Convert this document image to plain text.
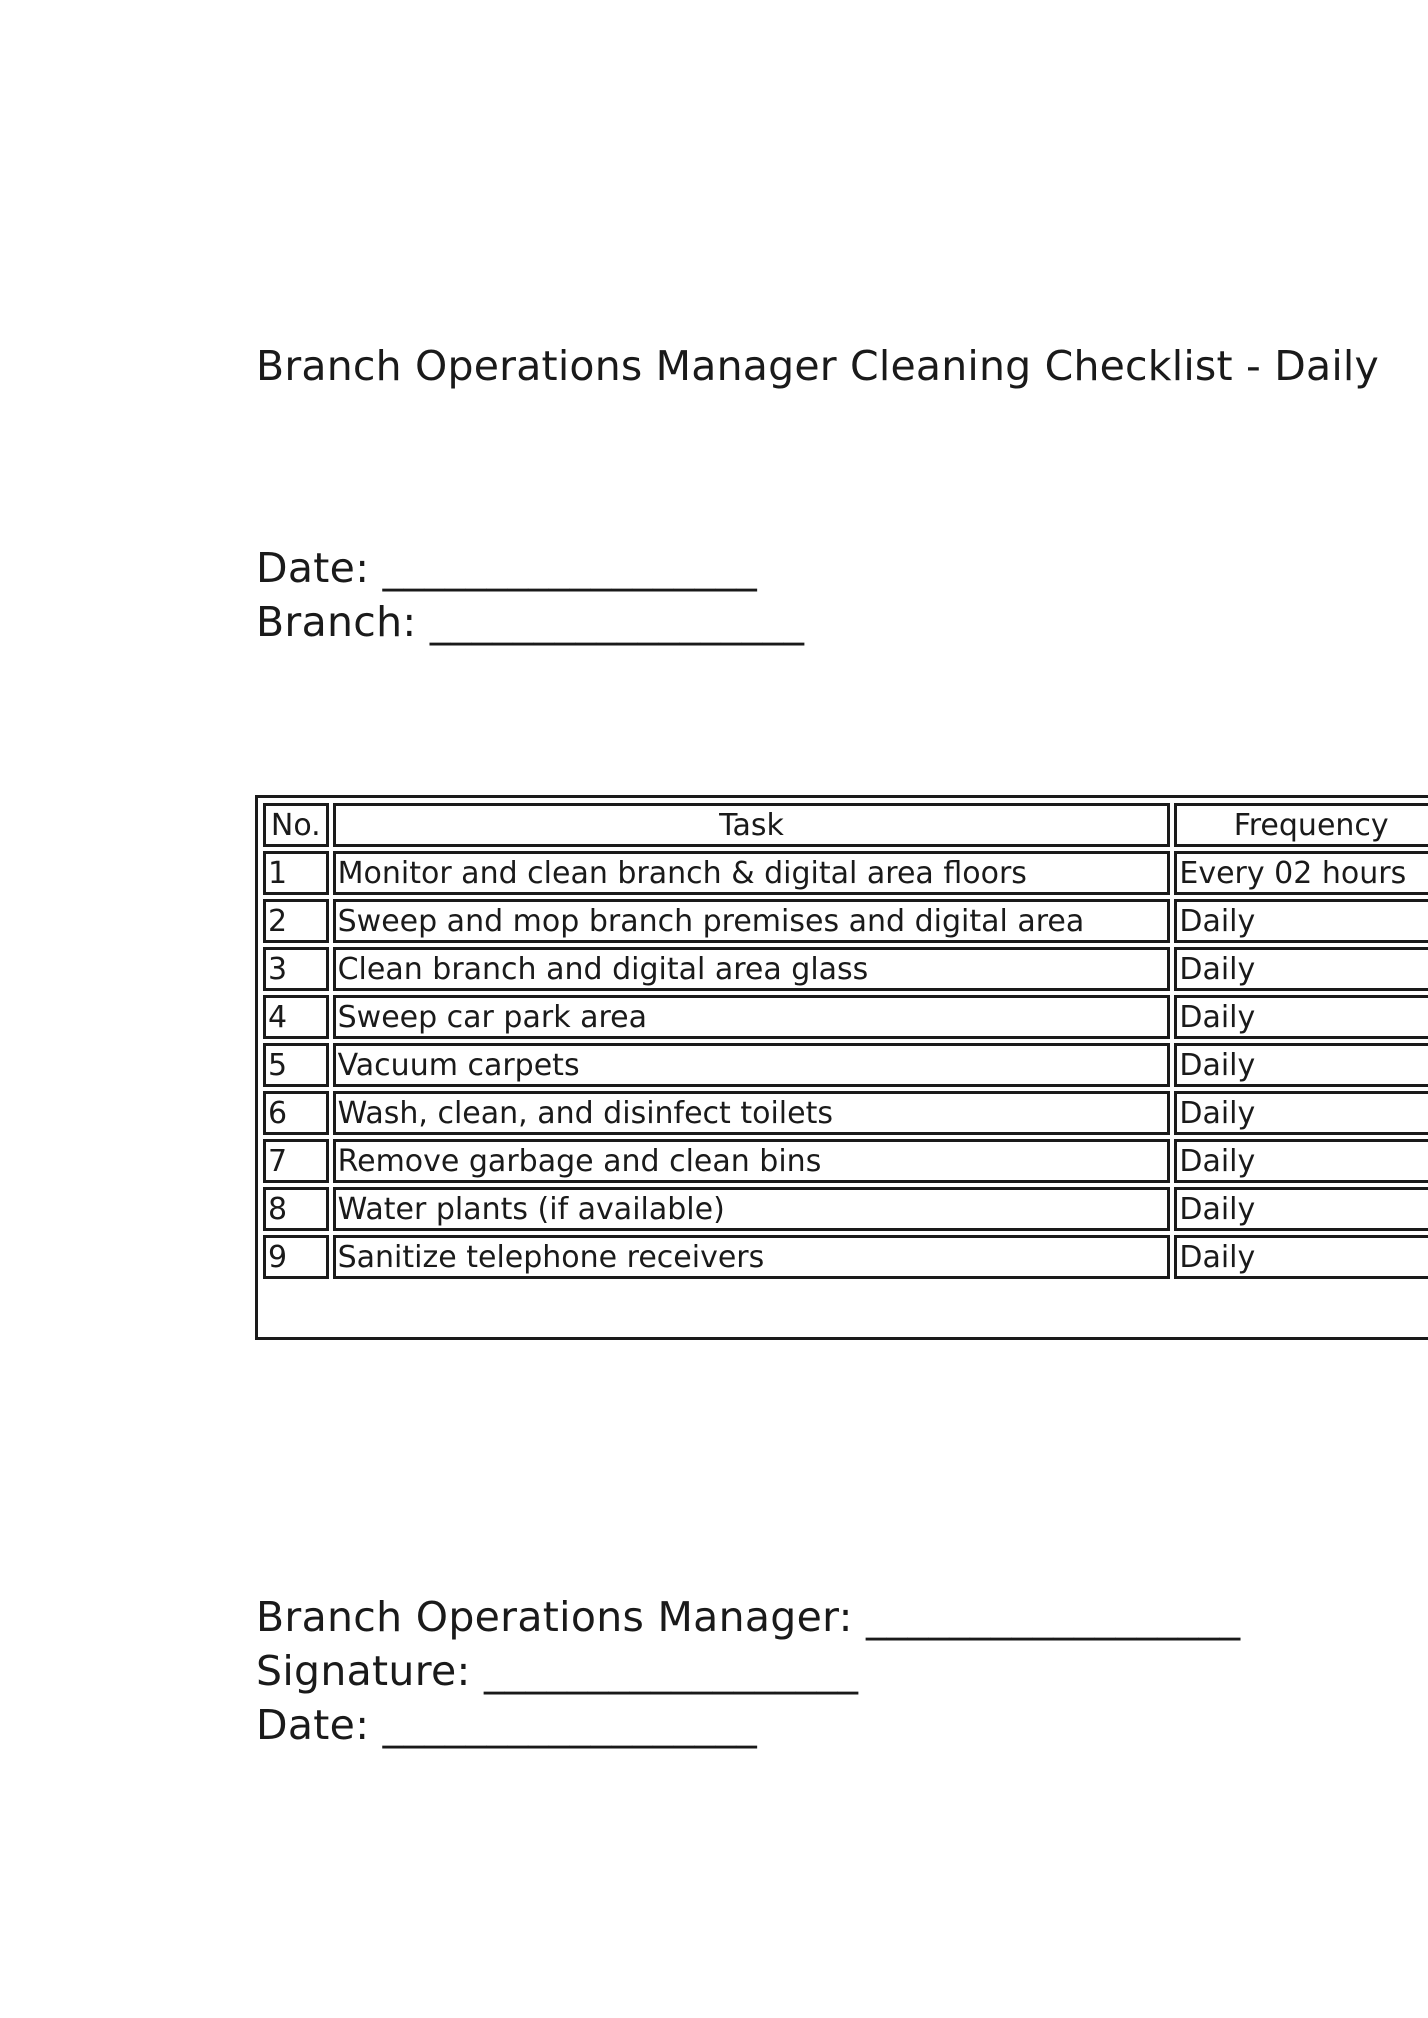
Branch Operations Manager Cleaning Checklist - Daily
Date: __________________
Branch: __________________
No.	Task	Frequency
1	Monitor and clean branch & digital area floors	Every 02 hours
2	Sweep and mop branch premises and digital area	Daily
3	Clean branch and digital area glass	Daily
4	Sweep car park area	Daily
5	Vacuum carpets	Daily
6	Wash, clean, and disinfect toilets	Daily
7	Remove garbage and clean bins	Daily
8	Water plants (if available)	Daily
9	Sanitize telephone receivers	Daily
Branch Operations Manager: __________________
Signature: __________________
Date: __________________
